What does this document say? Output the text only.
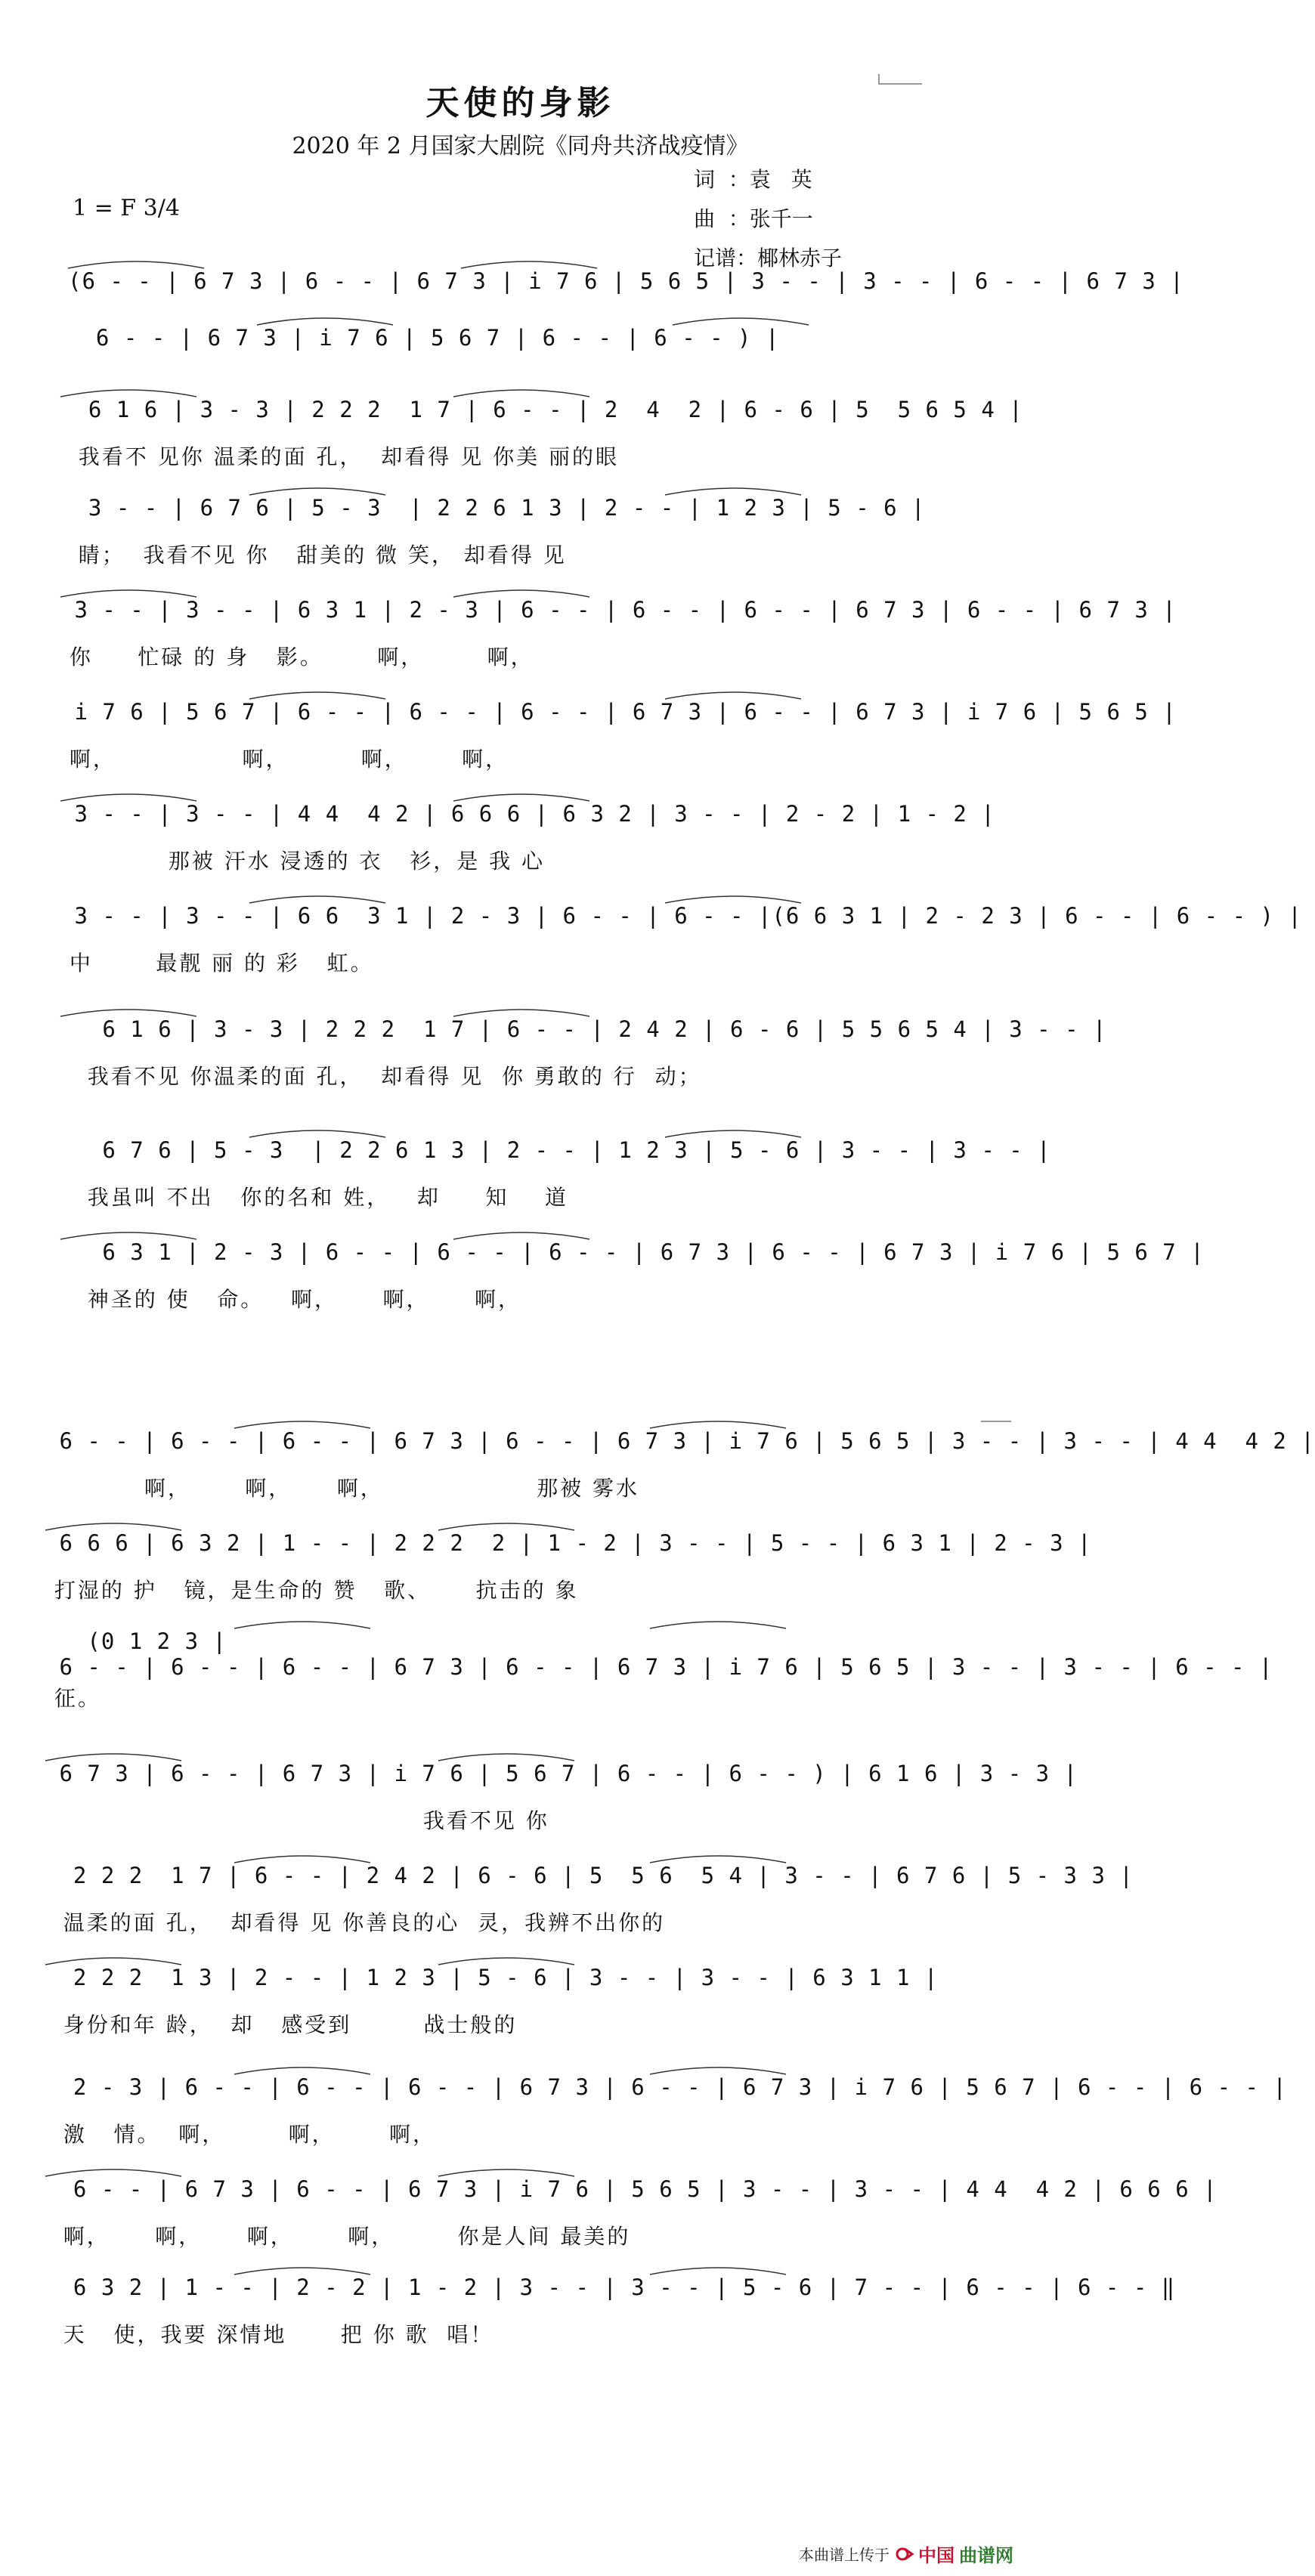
天使的身影
2020 年 2 月国家大剧院《同舟共济战疫情》
1 = F 3/4
词  ：袁   英
曲  ：张千一
记谱：椰林赤子
(6 - - | 6 7 3 | 6 - - | 6 7 3 | i 7 6 | 5 6 5 | 3 - - | 3 - - | 6 - - | 6 7 3 |
6 - - | 6 7 3 | i 7 6 | 5 6 7 | 6 - - | 6 - - ) |
6 1 6 | 3 - 3 | 2 2 2  1 7 | 6 - - | 2  4  2 | 6 - 6 | 5  5 6 5 4 |
我看不 见你 温柔的面 孔，  却看得 见 你美 丽的眼
3 - - | 6 7 6 | 5 - 3  | 2 2 6 1 3 | 2 - - | 1 2 3 | 5 - 6 |
睛；  我看不见 你   甜美的 微 笑， 却看得 见
3 - - | 3 - - | 6 3 1 | 2 - 3 | 6 - - | 6 - - | 6 - - | 6 7 3 | 6 - - | 6 7 3 |
你     忙碌 的 身   影。      啊，       啊，
i 7 6 | 5 6 7 | 6 - - | 6 - - | 6 - - | 6 7 3 | 6 - - | 6 7 3 | i 7 6 | 5 6 5 |
啊，              啊，        啊，      啊，
3 - - | 3 - - | 4 4  4 2 | 6 6 6 | 6 3 2 | 3 - - | 2 - 2 | 1 - 2 |
那被 汗水 浸透的 衣   衫，是 我 心
3 - - | 3 - - | 6 6  3 1 | 2 - 3 | 6 - - | 6 - - |(6 6 3 1 | 2 - 2 3 | 6 - - | 6 - - ) |
中       最靓 丽 的 彩   虹。
6 1 6 | 3 - 3 | 2 2 2  1 7 | 6 - - | 2 4 2 | 6 - 6 | 5 5 6 5 4 | 3 - - |
我看不见 你温柔的面 孔，  却看得 见  你 勇敢的 行  动；
6 7 6 | 5 - 3  | 2 2 6 1 3 | 2 - - | 1 2 3 | 5 - 6 | 3 - - | 3 - - |
我虽叫 不出   你的名和 姓，   却     知    道
6 3 1 | 2 - 3 | 6 - - | 6 - - | 6 - - | 6 7 3 | 6 - - | 6 7 3 | i 7 6 | 5 6 7 |
神圣的 使   命。   啊，     啊，     啊，
6 - - | 6 - - | 6 - - | 6 7 3 | 6 - - | 6 7 3 | i 7 6 | 5 6 5 | 3 - - | 3 - - | 4 4  4 2 |
啊，      啊，     啊，                 那被 雾水
6 6 6 | 6 3 2 | 1 - - | 2 2 2  2 | 1 - 2 | 3 - - | 5 - - | 6 3 1 | 2 - 3 |
打湿的 护   镜，是生命的 赞   歌、     抗击的 象
(0 1 2 3 |
6 - - | 6 - - | 6 - - | 6 7 3 | 6 - - | 6 7 3 | i 7 6 | 5 6 5 | 3 - - | 3 - - | 6 - - |

征。
6 7 3 | 6 - - | 6 7 3 | i 7 6 | 5 6 7 | 6 - - | 6 - - ) | 6 1 6 | 3 - 3 |
我看不见 你
2 2 2  1 7 | 6 - - | 2 4 2 | 6 - 6 | 5  5 6  5 4 | 3 - - | 6 7 6 | 5 - 3 3 |
温柔的面 孔，  却看得 见 你善良的心  灵，我辨不出你的
2 2 2  1 3 | 2 - - | 1 2 3 | 5 - 6 | 3 - - | 3 - - | 6 3 1 1 |
身份和年 龄，  却   感受到        战士般的
2 - 3 | 6 - - | 6 - - | 6 - - | 6 7 3 | 6 - - | 6 7 3 | i 7 6 | 5 6 7 | 6 - - | 6 - - |
激   情。  啊，       啊，      啊，
6 - - | 6 7 3 | 6 - - | 6 7 3 | i 7 6 | 5 6 5 | 3 - - | 3 - - | 4 4  4 2 | 6 6 6 |
啊，     啊，     啊，      啊，       你是人间 最美的
6 3 2 | 1 - - | 2 - 2 | 1 - 2 | 3 - - | 3 - - | 5 - 6 | 7 - - | 6 - - | 6 - - ‖
天   使，我要 深情地      把 你 歌  唱！
本曲谱上传于 中国 曲谱网
